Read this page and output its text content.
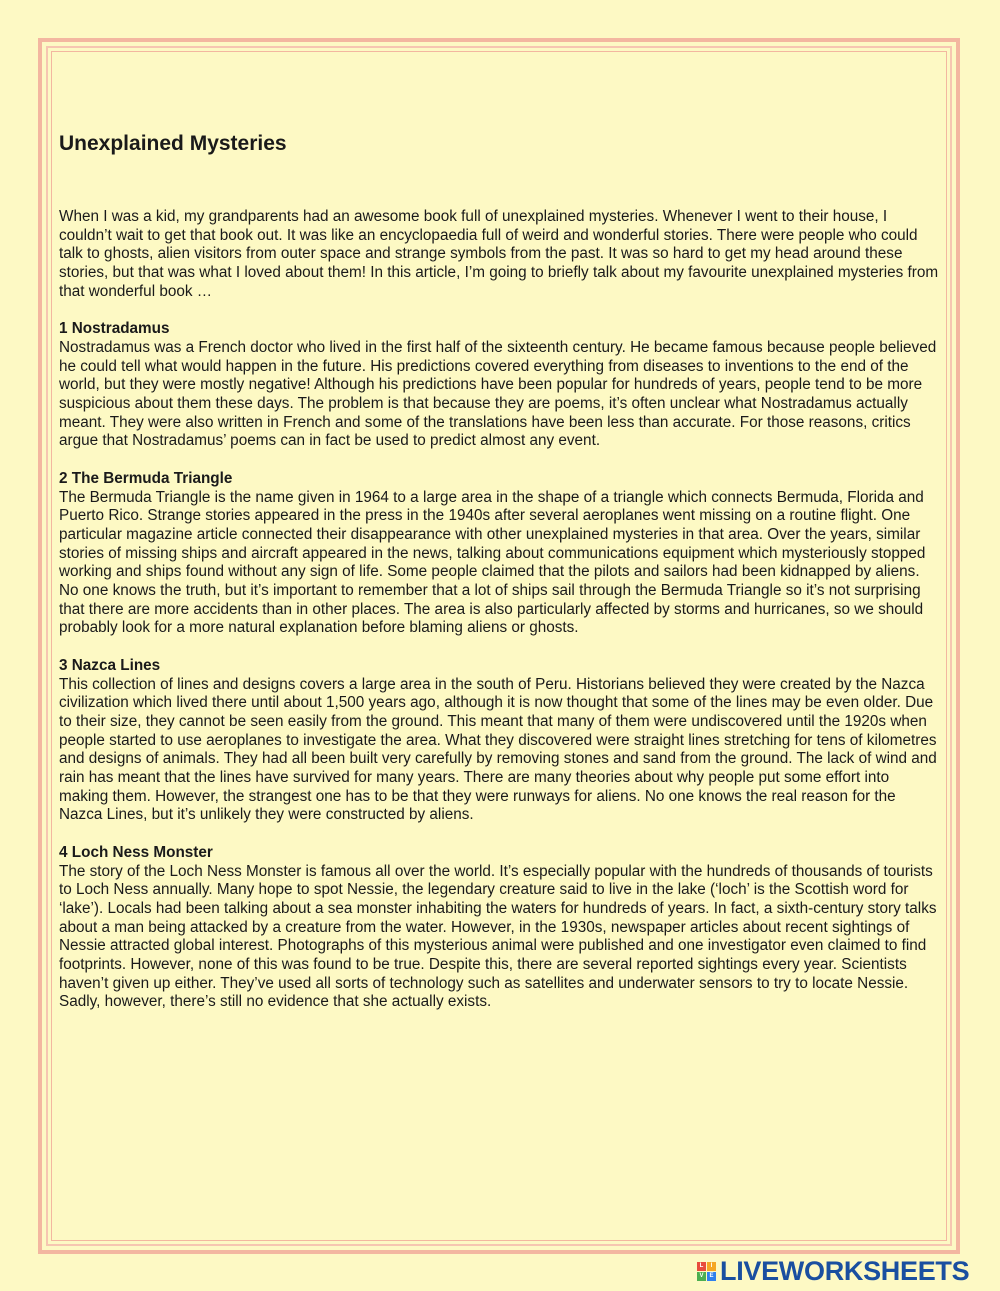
Unexplained Mysteries

When I was a kid, my grandparents had an awesome book full of unexplained mysteries. Whenever I went to their house, I couldn’t wait to get that book out. It was like an encyclopaedia full of weird and wonderful stories. There were people who could talk to ghosts, alien visitors from outer space and strange symbols from the past. It was so hard to get my head around these stories, but that was what I loved about them! In this article, I’m going to briefly talk about my favourite unexplained mysteries from that wonderful book …

1 Nostradamus

Nostradamus was a French doctor who lived in the first half of the sixteenth century. He became famous because people believed he could tell what would happen in the future. His predictions covered everything from diseases to inventions to the end of the world, but they were mostly negative! Although his predictions have been popular for hundreds of years, people tend to be more suspicious about them these days. The problem is that because they are poems, it’s often unclear what Nostradamus actually meant. They were also written in French and some of the translations have been less than accurate. For those reasons, critics argue that Nostradamus’ poems can in fact be used to predict almost any event.

2 The Bermuda Triangle

The Bermuda Triangle is the name given in 1964 to a large area in the shape of a triangle which connects Bermuda, Florida and Puerto Rico. Strange stories appeared in the press in the 1940s after several aeroplanes went missing on a routine flight. One particular magazine article connected their disappearance with other unexplained mysteries in that area. Over the years, similar stories of missing ships and aircraft appeared in the news, talking about communications equipment which mysteriously stopped working and ships found without any sign of life. Some people claimed that the pilots and sailors had been kidnapped by aliens. No one knows the truth, but it’s important to remember that a lot of ships sail through the Bermuda Triangle so it’s not surprising that there are more accidents than in other places. The area is also particularly affected by storms and hurricanes, so we should probably look for a more natural explanation before blaming aliens or ghosts.

3 Nazca Lines

This collection of lines and designs covers a large area in the south of Peru. Historians believed they were created by the Nazca civilization which lived there until about 1,500 years ago, although it is now thought that some of the lines may be even older. Due to their size, they cannot be seen easily from the ground. This meant that many of them were undiscovered until the 1920s when people started to use aeroplanes to investigate the area. What they discovered were straight lines stretching for tens of kilometres and designs of animals. They had all been built very carefully by removing stones and sand from the ground. The lack of wind and rain has meant that the lines have survived for many years. There are many theories about why people put some effort into making them. However, the strangest one has to be that they were runways for aliens. No one knows the real reason for the Nazca Lines, but it’s unlikely they were constructed by aliens.

4 Loch Ness Monster

The story of the Loch Ness Monster is famous all over the world. It’s especially popular with the hundreds of thousands of tourists to Loch Ness annually. Many hope to spot Nessie, the legendary creature said to live in the lake (‘loch’ is the Scottish word for ‘lake’). Locals had been talking about a sea monster inhabiting the waters for hundreds of years. In fact, a sixth-century story talks about a man being attacked by a creature from the water. However, in the 1930s, newspaper articles about recent sightings of Nessie attracted global interest. Photographs of this mysterious animal were published and one investigator even claimed to find footprints. However, none of this was found to be true. Despite this, there are several reported sightings every year. Scientists haven’t given up either. They’ve used all sorts of technology such as satellites and underwater sensors to try to locate Nessie. Sadly, however, there’s still no evidence that she actually exists.

L	I
V E LIVEWORKSHEETS
